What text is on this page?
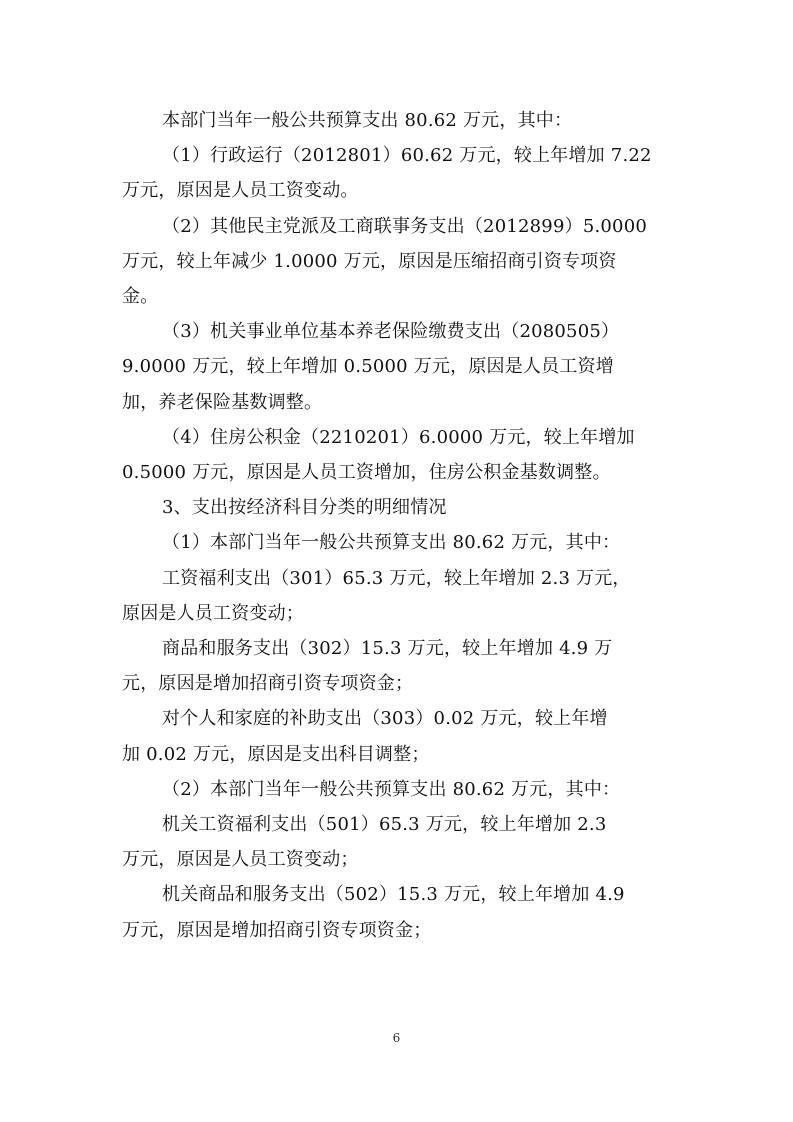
本部门当年一般公共预算支出 80.62 万元，其中：

（1）行政运行（2012801）60.62 万元，较上年增加 7.22
万元，原因是人员工资变动。

（2）其他民主党派及工商联事务支出（2012899）5.0000
万元，较上年减少 1.0000 万元，原因是压缩招商引资专项资
金。

（3）机关事业单位基本养老保险缴费支出（2080505）
9.0000 万元，较上年增加 0.5000 万元，原因是人员工资增
加，养老保险基数调整。

（4）住房公积金（2210201）6.0000 万元，较上年增加
0.5000 万元，原因是人员工资增加，住房公积金基数调整。

3、支出按经济科目分类的明细情况

（1）本部门当年一般公共预算支出 80.62 万元，其中：

工资福利支出（301）65.3 万元，较上年增加 2.3 万元，
原因是人员工资变动；

商品和服务支出（302）15.3 万元，较上年增加 4.9 万
元，原因是增加招商引资专项资金；

对个人和家庭的补助支出（303）0.02 万元，较上年增
加 0.02 万元，原因是支出科目调整；

（2）本部门当年一般公共预算支出 80.62 万元，其中：

机关工资福利支出（501）65.3 万元，较上年增加 2.3
万元，原因是人员工资变动；

机关商品和服务支出（502）15.3 万元，较上年增加 4.9
万元，原因是增加招商引资专项资金；

6
